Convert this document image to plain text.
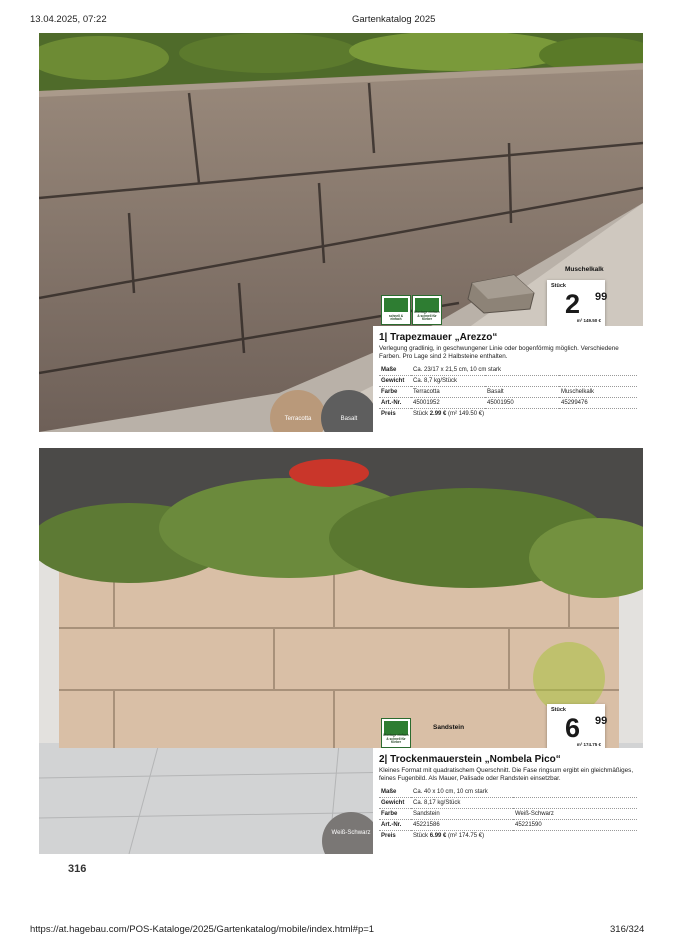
13.04.2025, 07:22	Gartenkatalog 2025
Terracotta	Basalt
Muschelkalk
Stück
2 99
m² 149.50 €
schnell & einfach
Montage einfach & schnell für Kleber
1| Trapezmauer „Arezzo“
Verlegung gradlinig, in geschwungener Linie oder bogenförmig möglich. Verschiedene Farben. Pro Lage sind 2 Halbsteine enthalten.
Maße	Ca. 23/17 x 21,5 cm, 10 cm stark		
Gewicht	Ca. 8,7 kg/Stück		
Farbe	Terracotta	Basalt	Muschelkalk
Art.-Nr.	45001952	45001950	45299476
Preis	Stück 2.99 € (m² 149.50 €)		
Weiß-Schwarz
Sandstein
Stück
6 99
m² 174.75 €
Montage einfach & schnell für Kleber
2| Trockenmauerstein „Nombela Pico“
Kleines Format mit quadratischem Querschnitt. Die Fase ringsum ergibt ein gleichmäßiges, feines Fugenbild. Als Mauer, Palisade oder Randstein einsetzbar.
Maße	Ca. 40 x 10 cm, 10 cm stark	
Gewicht	Ca. 8,17 kg/Stück	
Farbe	Sandstein	Weiß-Schwarz
Art.-Nr.	45221586	45221590
Preis	Stück 6.99 € (m² 174.75 €)	
316
https://at.hagebau.com/POS-Kataloge/2025/Gartenkatalog/mobile/index.html#p=1	316/324
